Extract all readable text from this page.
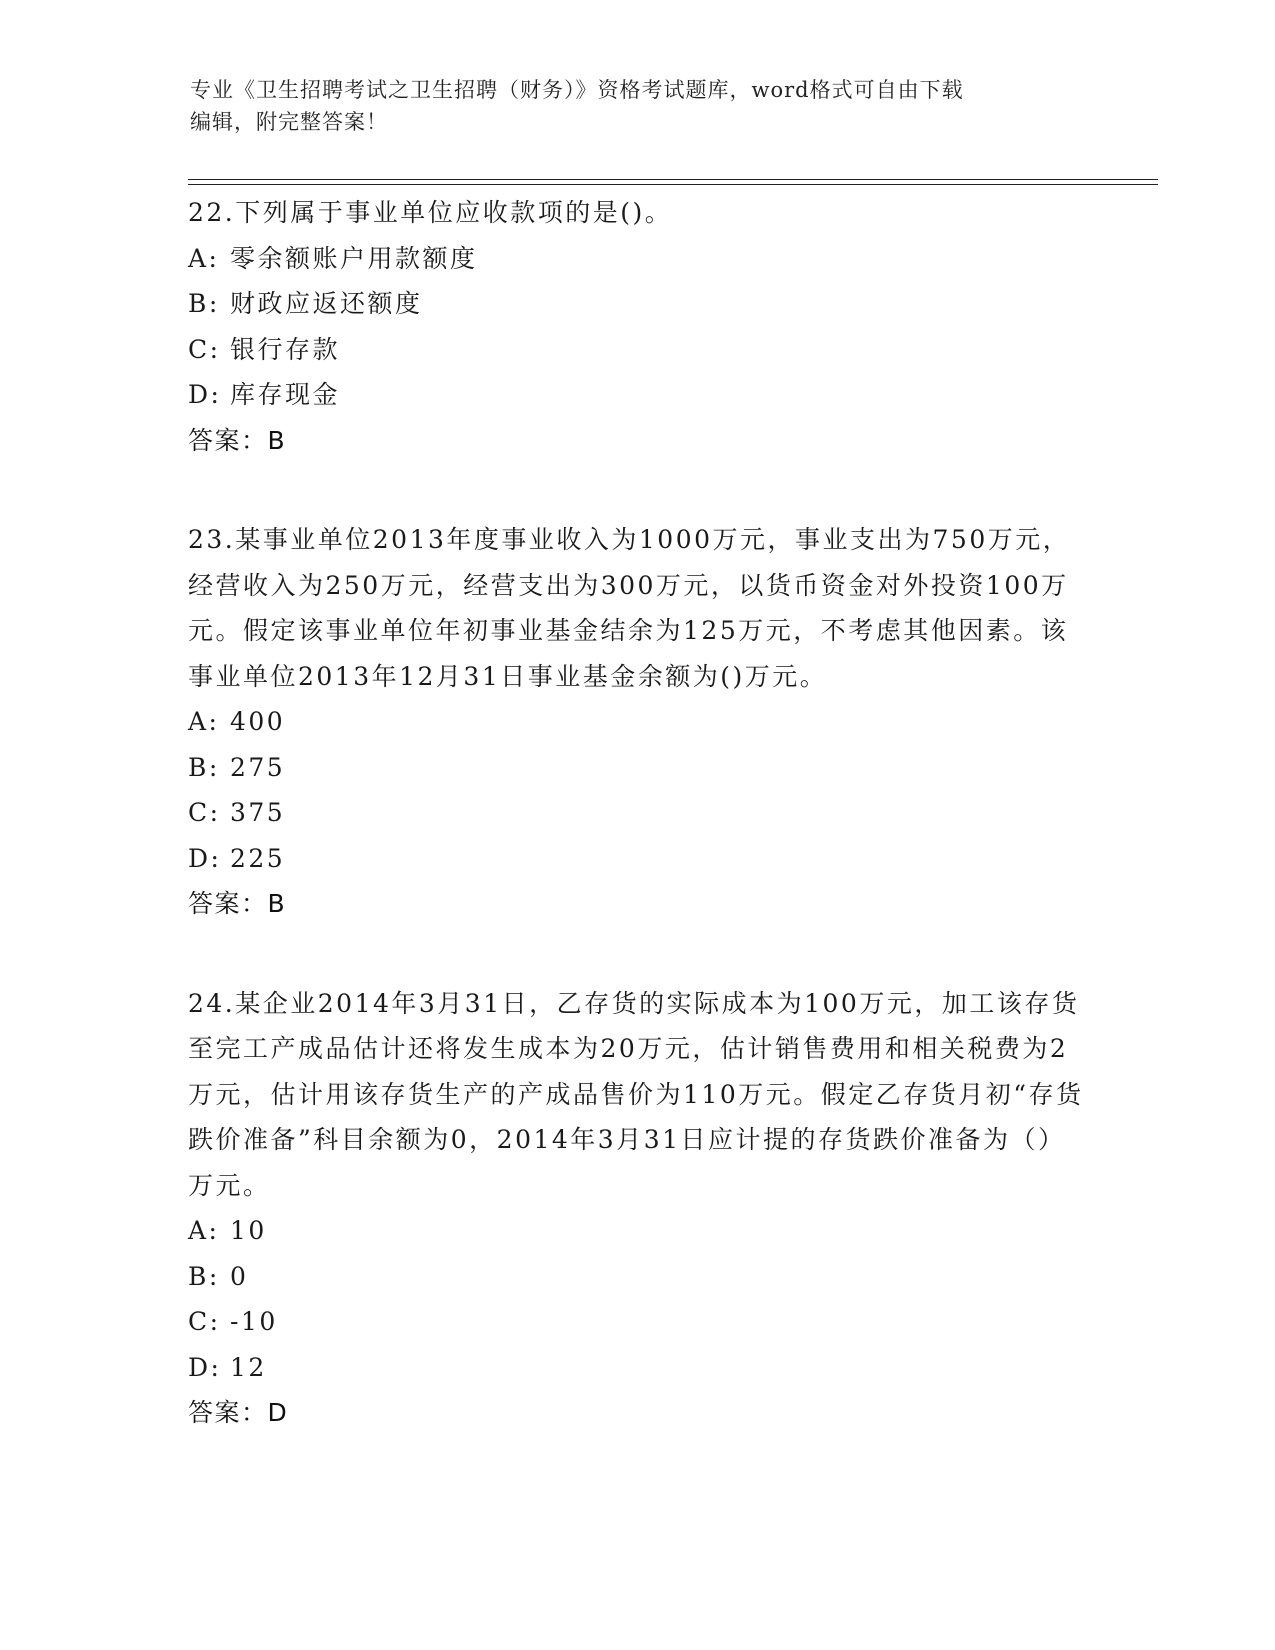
专业《卫生招聘考试之卫生招聘（财务）》资格考试题库，word格式可自由下载
编辑，附完整答案！

22.下列属于事业单位应收款项的是()。

A: 零余额账户用款额度
B: 财政应返还额度
C: 银行存款
D: 库存现金
答案：B

23.某事业单位2013年度事业收入为1000万元，事业支出为750万元，经营收入为250万元，经营支出为300万元，以货币资金对外投资100万元。假定该事业单位年初事业基金结余为125万元，不考虑其他因素。该事业单位2013年12月31日事业基金余额为()万元。

A: 400
B: 275
C: 375
D: 225
答案：B

24.某企业2014年3月31日，乙存货的实际成本为100万元，加工该存货至完工产成品估计还将发生成本为20万元，估计销售费用和相关税费为2万元，估计用该存货生产的产成品售价为110万元。假定乙存货月初“存货跌价准备”科目余额为0，2014年3月31日应计提的存货跌价准备为（）万元。

A: 10
B: 0
C: -10
D: 12
答案：D
